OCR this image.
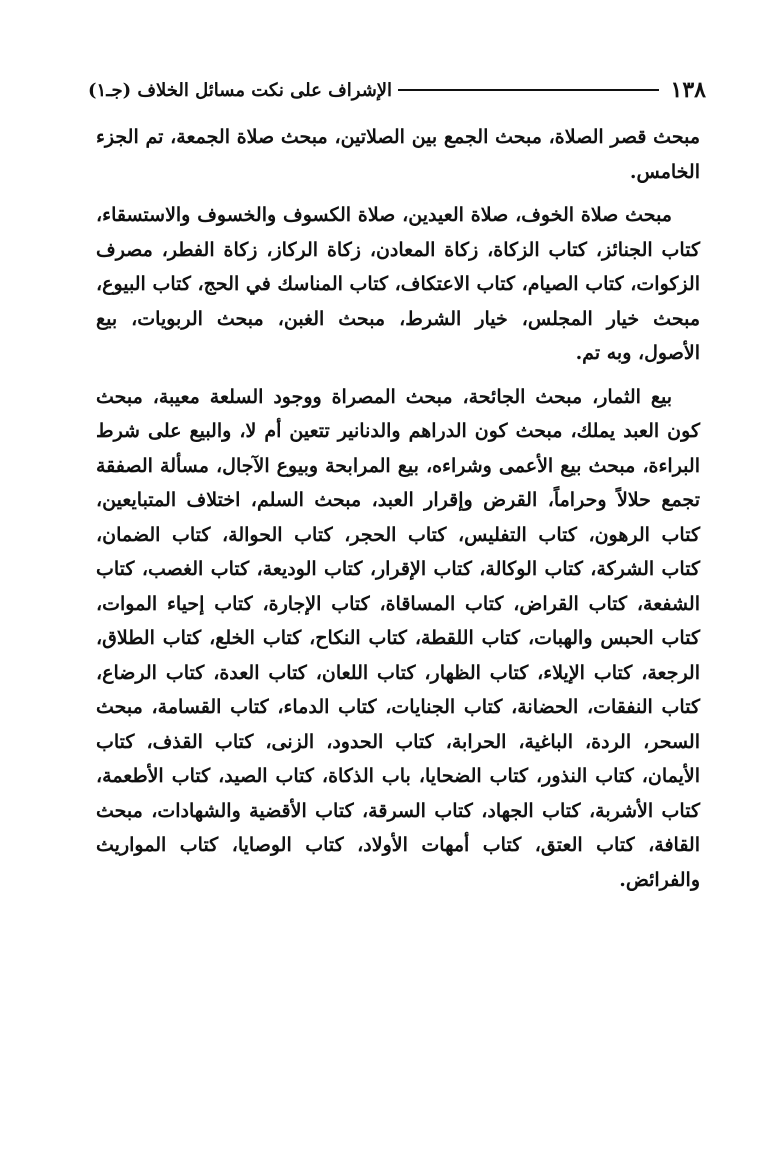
١٣٨
الإشراف على نكت مسائل الخلاف (جـ١)

مبحث قصر الصلاة، مبحث الجمع بين الصلاتين، مبحث صلاة الجمعة، تم الجزء الخامس.

مبحث صلاة الخوف، صلاة العيدين، صلاة الكسوف والخسوف والاستسقاء، كتاب الجنائز، كتاب الزكاة، زكاة المعادن، زكاة الركاز، زكاة الفطر، مصرف الزكوات، كتاب الصيام، كتاب الاعتكاف، كتاب المناسك في الحج، كتاب البيوع، مبحث خيار المجلس، خيار الشرط، مبحث الغبن، مبحث الربويات، بيع الأصول، وبه تم.

بيع الثمار، مبحث الجائحة، مبحث المصراة ووجود السلعة معيبة، مبحث كون العبد يملك، مبحث كون الدراهم والدنانير تتعين أم لا، والبيع على شرط البراءة، مبحث بيع الأعمى وشراءه، بيع المرابحة وبيوع الآجال، مسألة الصفقة تجمع حلالاً وحراماً، القرض وإقرار العبد، مبحث السلم، اختلاف المتبايعين، كتاب الرهون، كتاب التفليس، كتاب الحجر، كتاب الحوالة، كتاب الضمان، كتاب الشركة، كتاب الوكالة، كتاب الإقرار، كتاب الوديعة، كتاب الغصب، كتاب الشفعة، كتاب القراض، كتاب المساقاة، كتاب الإجارة، كتاب إحياء الموات، كتاب الحبس والهبات، كتاب اللقطة، كتاب النكاح، كتاب الخلع، كتاب الطلاق، الرجعة، كتاب الإيلاء، كتاب الظهار، كتاب اللعان، كتاب العدة، كتاب الرضاع، كتاب النفقات، الحضانة، كتاب الجنايات، كتاب الدماء، كتاب القسامة، مبحث السحر، الردة، الباغية، الحرابة، كتاب الحدود، الزنى، كتاب القذف، كتاب الأيمان، كتاب النذور، كتاب الضحايا، باب الذكاة، كتاب الصيد، كتاب الأطعمة، كتاب الأشربة، كتاب الجهاد، كتاب السرقة، كتاب الأقضية والشهادات، مبحث القافة، كتاب العتق، كتاب أمهات الأولاد، كتاب الوصايا، كتاب المواريث والفرائض.
